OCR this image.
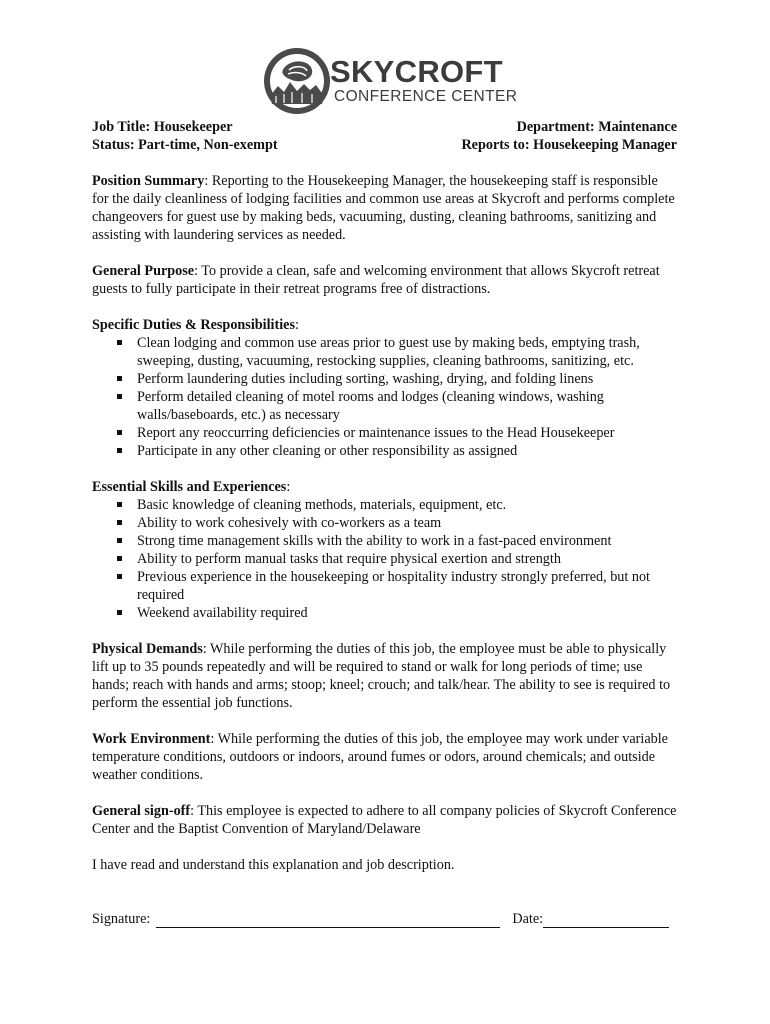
SKYCROFT
CONFERENCE CENTER
Job Title: Housekeeper	Department: Maintenance
Status: Part-time, Non-exempt	Reports to: Housekeeping Manager

Position Summary: Reporting to the Housekeeping Manager, the housekeeping staff is responsible for the daily cleanliness of lodging facilities and common use areas at Skycroft and performs complete changeovers for guest use by making beds, vacuuming, dusting, cleaning bathrooms, sanitizing and assisting with laundering services as needed.

General Purpose: To provide a clean, safe and welcoming environment that allows Skycroft retreat guests to fully participate in their retreat programs free of distractions.

Specific Duties & Responsibilities:

Clean lodging and common use areas prior to guest use by making beds, emptying trash, sweeping, dusting, vacuuming, restocking supplies, cleaning bathrooms, sanitizing, etc.
Perform laundering duties including sorting, washing, drying, and folding linens
Perform detailed cleaning of motel rooms and lodges (cleaning windows, washing walls/baseboards, etc.) as necessary
Report any reoccurring deficiencies or maintenance issues to the Head Housekeeper
Participate in any other cleaning or other responsibility as assigned

Essential Skills and Experiences:

Basic knowledge of cleaning methods, materials, equipment, etc.
Ability to work cohesively with co-workers as a team
Strong time management skills with the ability to work in a fast-paced environment
Ability to perform manual tasks that require physical exertion and strength
Previous experience in the housekeeping or hospitality industry strongly preferred, but not required
Weekend availability required

Physical Demands: While performing the duties of this job, the employee must be able to physically lift up to 35 pounds repeatedly and will be required to stand or walk for long periods of time; use hands; reach with hands and arms; stoop; kneel; crouch; and talk/hear. The ability to see is required to perform the essential job functions.

Work Environment: While performing the duties of this job, the employee may work under variable temperature conditions, outdoors or indoors, around fumes or odors, around chemicals; and outside weather conditions.

General sign-off: This employee is expected to adhere to all company policies of Skycroft Conference Center and the Baptist Convention of Maryland/Delaware

I have read and understand this explanation and job description.

Signature:	Date:
